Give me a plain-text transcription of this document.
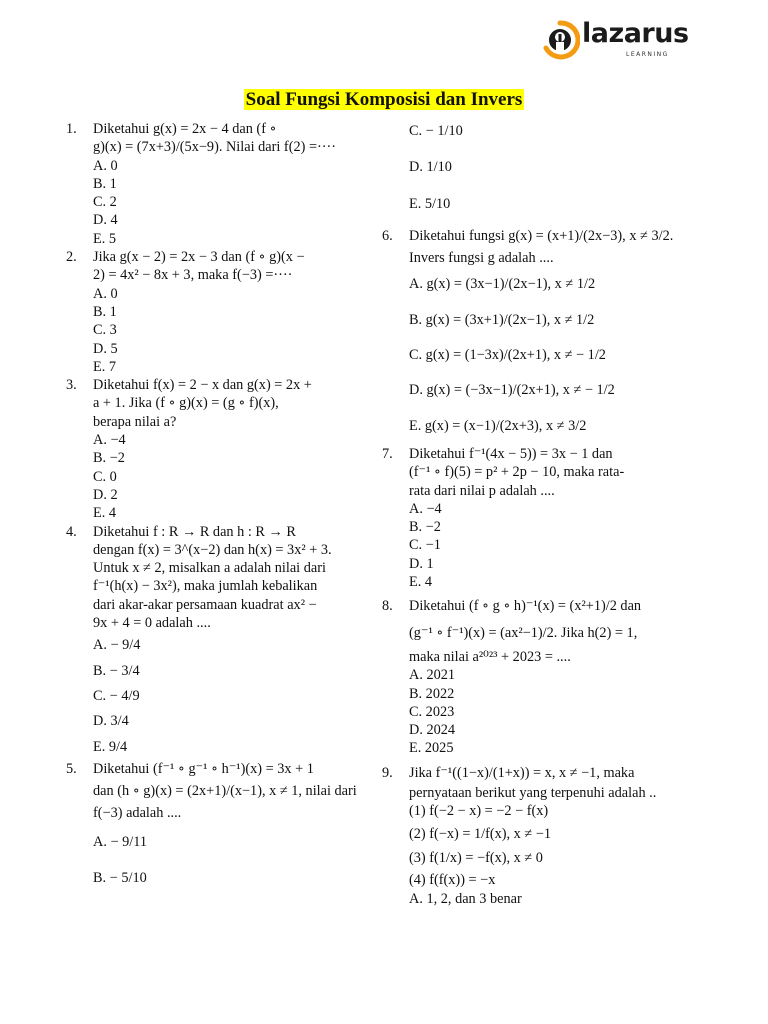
lazarus
LEARNING
Soal Fungsi Komposisi dan Invers
1. Diketahui g(x) = 2x − 4 dan (f ∘
g)(x) = (7x+3)/(5x−9). Nilai dari f(2) =····
A. 0
B. 1
C. 2
D. 4
E. 5
2. Jika g(x − 2) = 2x − 3 dan (f ∘ g)(x −
2) = 4x² − 8x + 3, maka f(−3) =····
A. 0
B. 1
C. 3
D. 5
E. 7
3. Diketahui f(x) = 2 − x dan g(x) = 2x +
a + 1. Jika (f ∘ g)(x) = (g ∘ f)(x),
berapa nilai a?
A. −4
B. −2
C. 0
D. 2
E. 4
4. Diketahui f : R → R dan h : R → R
dengan f(x) = 3^(x−2) dan h(x) = 3x² + 3.
Untuk x ≠ 2, misalkan a adalah nilai dari
f⁻¹(h(x) − 3x²), maka jumlah kebalikan
dari akar-akar persamaan kuadrat ax² −
9x + 4 = 0 adalah ....
A. − 9/4
B. − 3/4
C. − 4/9
D. 3/4
E. 9/4
5. Diketahui (f⁻¹ ∘ g⁻¹ ∘ h⁻¹)(x) = 3x + 1
dan (h ∘ g)(x) = (2x+1)/(x−1), x ≠ 1, nilai dari
f(−3) adalah ....
A. − 9/11
B. − 5/10
C. − 1/10
D. 1/10
E. 5/10
6. Diketahui fungsi g(x) = (x+1)/(2x−3), x ≠ 3/2.
Invers fungsi g adalah ....
A. g(x) = (3x−1)/(2x−1), x ≠ 1/2
B. g(x) = (3x+1)/(2x−1), x ≠ 1/2
C. g(x) = (1−3x)/(2x+1), x ≠ − 1/2
D. g(x) = (−3x−1)/(2x+1), x ≠ − 1/2
E. g(x) = (x−1)/(2x+3), x ≠ 3/2
7. Diketahui f⁻¹(4x − 5)) = 3x − 1 dan
(f⁻¹ ∘ f)(5) = p² + 2p − 10, maka rata-
rata dari nilai p adalah ....
A. −4
B. −2
C. −1
D. 1
E. 4
8. Diketahui (f ∘ g ∘ h)⁻¹(x) = (x²+1)/2 dan
(g⁻¹ ∘ f⁻¹)(x) = (ax²−1)/2. Jika h(2) = 1,
maka nilai a²⁰²³ + 2023 = ....
A. 2021
B. 2022
C. 2023
D. 2024
E. 2025
9. Jika f⁻¹((1−x)/(1+x)) = x, x ≠ −1, maka
pernyataan berikut yang terpenuhi adalah ..
(1) f(−2 − x) = −2 − f(x)
(2) f(−x) = 1/f(x), x ≠ −1
(3) f(1/x) = −f(x), x ≠ 0
(4) f(f(x)) = −x
A. 1, 2, dan 3 benar
